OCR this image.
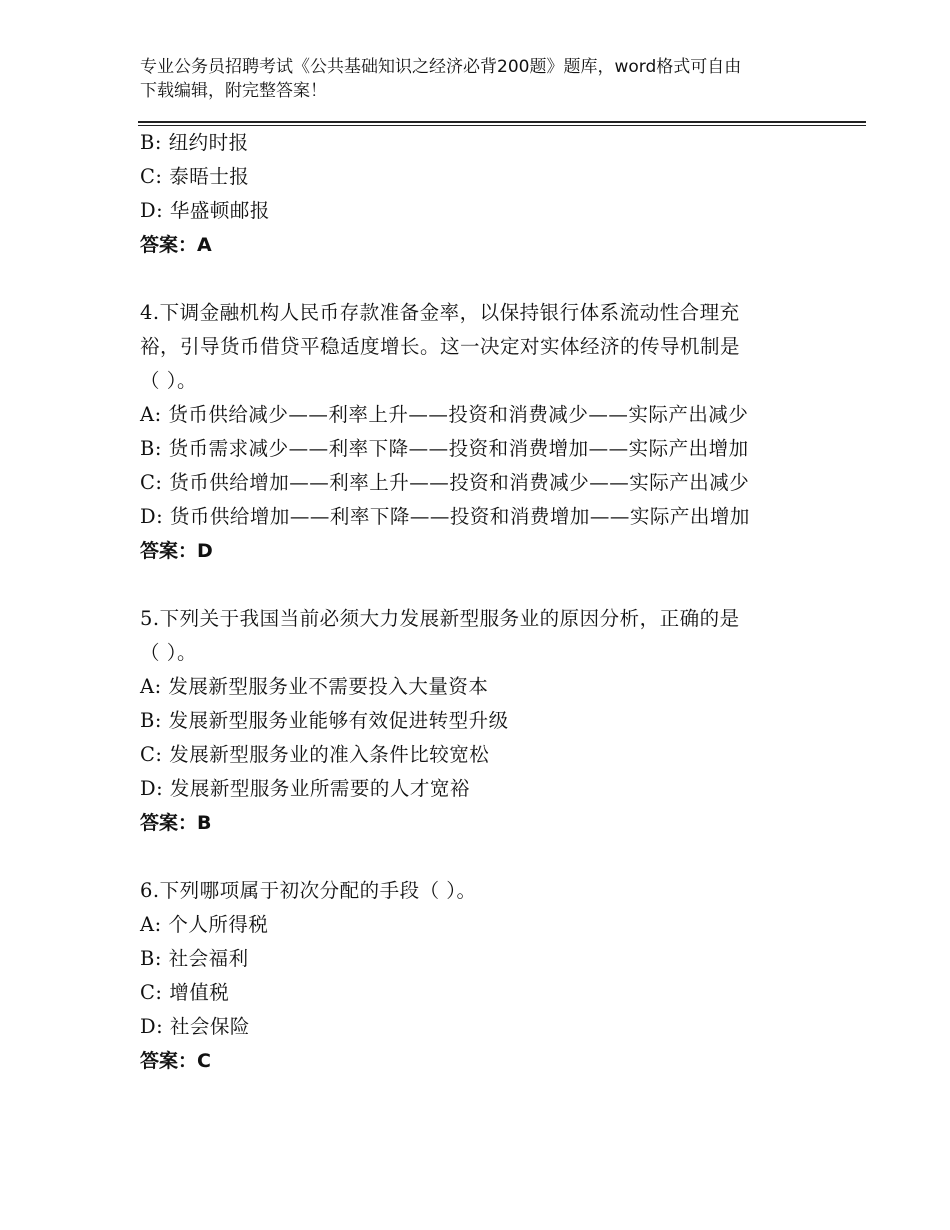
专业公务员招聘考试《公共基础知识之经济必背200题》题库，word格式可自由
下载编辑，附完整答案！
B: 纽约时报
C: 泰晤士报
D: 华盛顿邮报
答案：A
4.下调金融机构人民币存款准备金率，以保持银行体系流动性合理充
裕，引导货币借贷平稳适度增长。这一决定对实体经济的传导机制是
（ ）。
A: 货币供给减少——利率上升——投资和消费减少——实际产出减少
B: 货币需求减少——利率下降——投资和消费增加——实际产出增加
C: 货币供给增加——利率上升——投资和消费减少——实际产出减少
D: 货币供给增加——利率下降——投资和消费增加——实际产出增加
答案：D
5.下列关于我国当前必须大力发展新型服务业的原因分析，正确的是
（ ）。
A: 发展新型服务业不需要投入大量资本
B: 发展新型服务业能够有效促进转型升级
C: 发展新型服务业的准入条件比较宽松
D: 发展新型服务业所需要的人才宽裕
答案：B
6.下列哪项属于初次分配的手段（ ）。
A: 个人所得税
B: 社会福利
C: 增值税
D: 社会保险
答案：C
